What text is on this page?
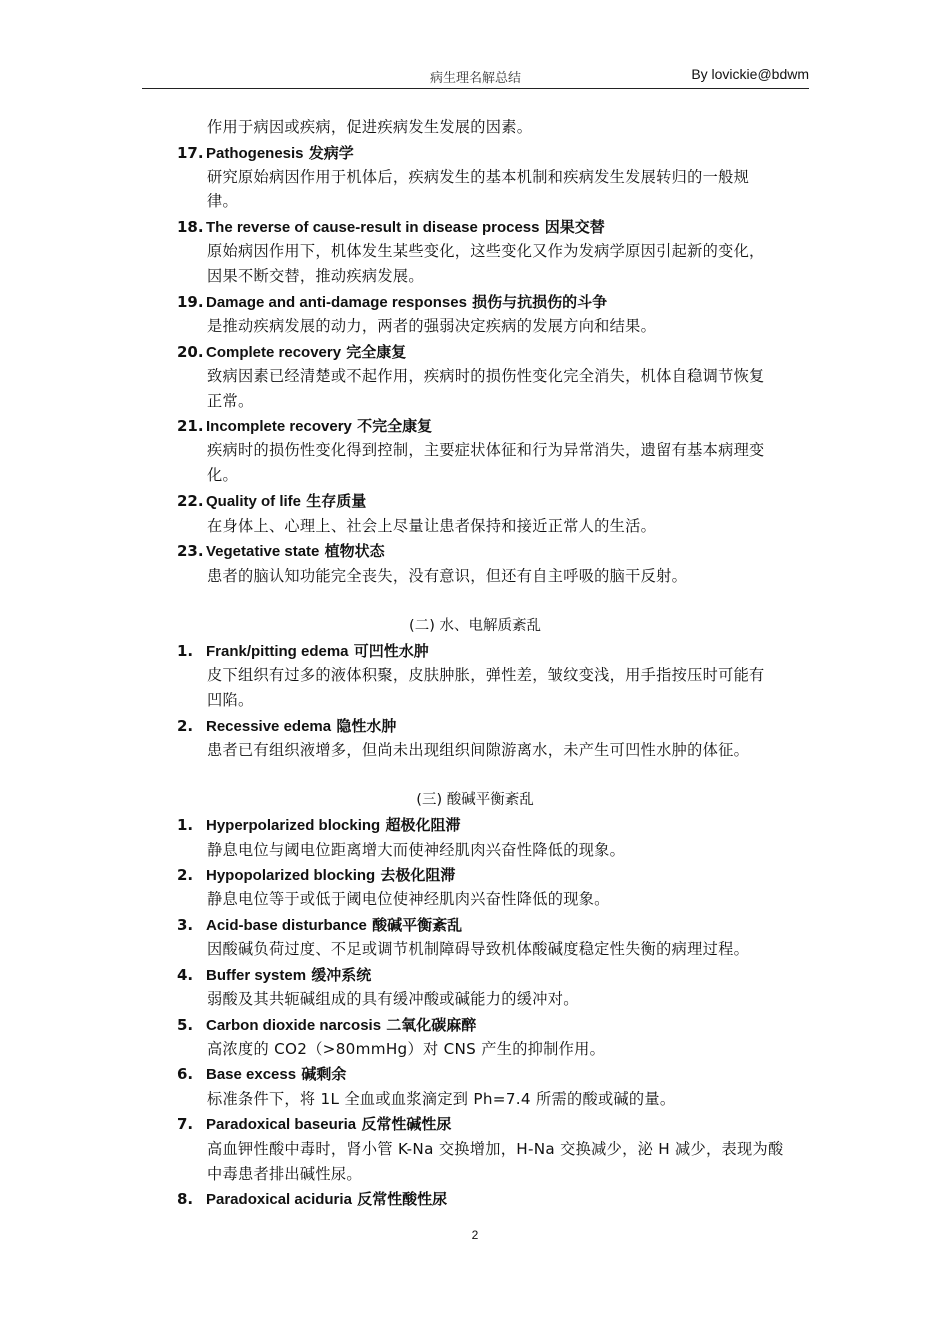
病生理名解总结	By lovickie@bdwm
作用于病因或疾病，促进疾病发生发展的因素。
17. Pathogenesis 发病学
研究原始病因作用于机体后，疾病发生的基本机制和疾病发生发展转归的一般规
律。
18. The reverse of cause-result in disease process 因果交替
原始病因作用下，机体发生某些变化，这些变化又作为发病学原因引起新的变化，
因果不断交替，推动疾病发展。
19. Damage and anti-damage responses 损伤与抗损伤的斗争
是推动疾病发展的动力，两者的强弱决定疾病的发展方向和结果。
20. Complete recovery 完全康复
致病因素已经清楚或不起作用，疾病时的损伤性变化完全消失，机体自稳调节恢复
正常。
21. Incomplete recovery 不完全康复
疾病时的损伤性变化得到控制，主要症状体征和行为异常消失，遗留有基本病理变
化。
22. Quality of life 生存质量
在身体上、心理上、社会上尽量让患者保持和接近正常人的生活。
23. Vegetative state 植物状态
患者的脑认知功能完全丧失，没有意识，但还有自主呼吸的脑干反射。
(二) 水、电解质紊乱
1. Frank/pitting edema 可凹性水肿
皮下组织有过多的液体积聚，皮肤肿胀，弹性差，皱纹变浅，用手指按压时可能有
凹陷。
2. Recessive edema 隐性水肿
患者已有组织液增多，但尚未出现组织间隙游离水，未产生可凹性水肿的体征。
(三) 酸碱平衡紊乱
1. Hyperpolarized blocking 超极化阻滞
静息电位与阈电位距离增大而使神经肌肉兴奋性降低的现象。
2. Hypopolarized blocking 去极化阻滞
静息电位等于或低于阈电位使神经肌肉兴奋性降低的现象。
3. Acid-base disturbance 酸碱平衡紊乱
因酸碱负荷过度、不足或调节机制障碍导致机体酸碱度稳定性失衡的病理过程。
4. Buffer system 缓冲系统
弱酸及其共轭碱组成的具有缓冲酸或碱能力的缓冲对。
5. Carbon dioxide narcosis 二氧化碳麻醉
高浓度的 CO2（>80mmHg）对 CNS 产生的抑制作用。
6. Base excess 碱剩余
标准条件下，将 1L 全血或血浆滴定到 Ph=7.4 所需的酸或碱的量。
7. Paradoxical baseuria 反常性碱性尿
高血钾性酸中毒时，肾小管 K-Na 交换增加，H-Na 交换减少，泌 H 减少，表现为酸
中毒患者排出碱性尿。
8. Paradoxical aciduria 反常性酸性尿
2
